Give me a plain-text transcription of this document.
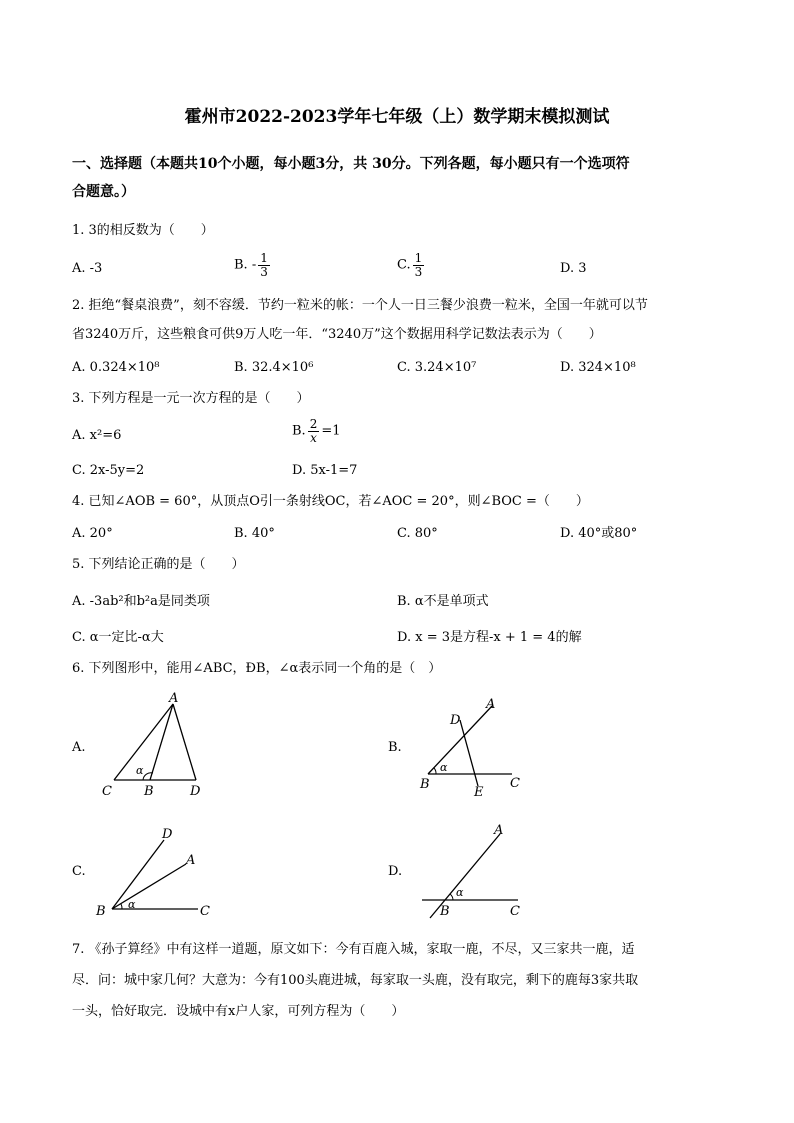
霍州市2022-2023学年七年级（上）数学期末模拟测试
一、选择题（本题共10个小题，每小题3分，共 30分。下列各题，每小题只有一个选项符
合题意。）
1. 3的相反数为（　　）
A. -3	B. - $\frac{1}{3}$	C. $\frac{1}{3}$	D. 3
2. 拒绝“餐桌浪费”，刻不容缓．节约一粒米的帐：一个人一日三餐少浪费一粒米，全国一年就可以节
省3240万斤，这些粮食可供9万人吃一年．“3240万”这个数据用科学记数法表示为（　　）
A. 0.324×10⁸	B. 32.4×10⁶	C. 3.24×10⁷	D. 324×10⁸
3. 下列方程是一元一次方程的是（　　）
A. x²=6	B. $\frac{2}{x} =1$
C. 2x-5y=2	D. 5x-1=7
4. 已知∠AOB = 60°，从顶点O引一条射线OC，若∠AOC = 20°，则∠BOC =（　　）
A. 20°	B. 40°	C. 80°	D. 40°或80°
5. 下列结论正确的是（　　）
A. -3ab²和b²a是同类项	B. α不是单项式
C. α一定比-α大	D. x = 3是方程-x + 1 = 4的解
6. 下列图形中，能用∠ABC，ÐB，∠α表示同一个角的是（　）
A.
A
C B	D
α
B.
A
D
B
E
C
α
C.
D
A
B	C
α
D.
A
B	C
α
7. 《孙子算经》中有这样一道题，原文如下：今有百鹿入城，家取一鹿，不尽，又三家共一鹿，适
尽．问：城中家几何？大意为：今有100头鹿进城，每家取一头鹿，没有取完，剩下的鹿每3家共取
一头，恰好取完．设城中有x户人家，可列方程为（　　）
